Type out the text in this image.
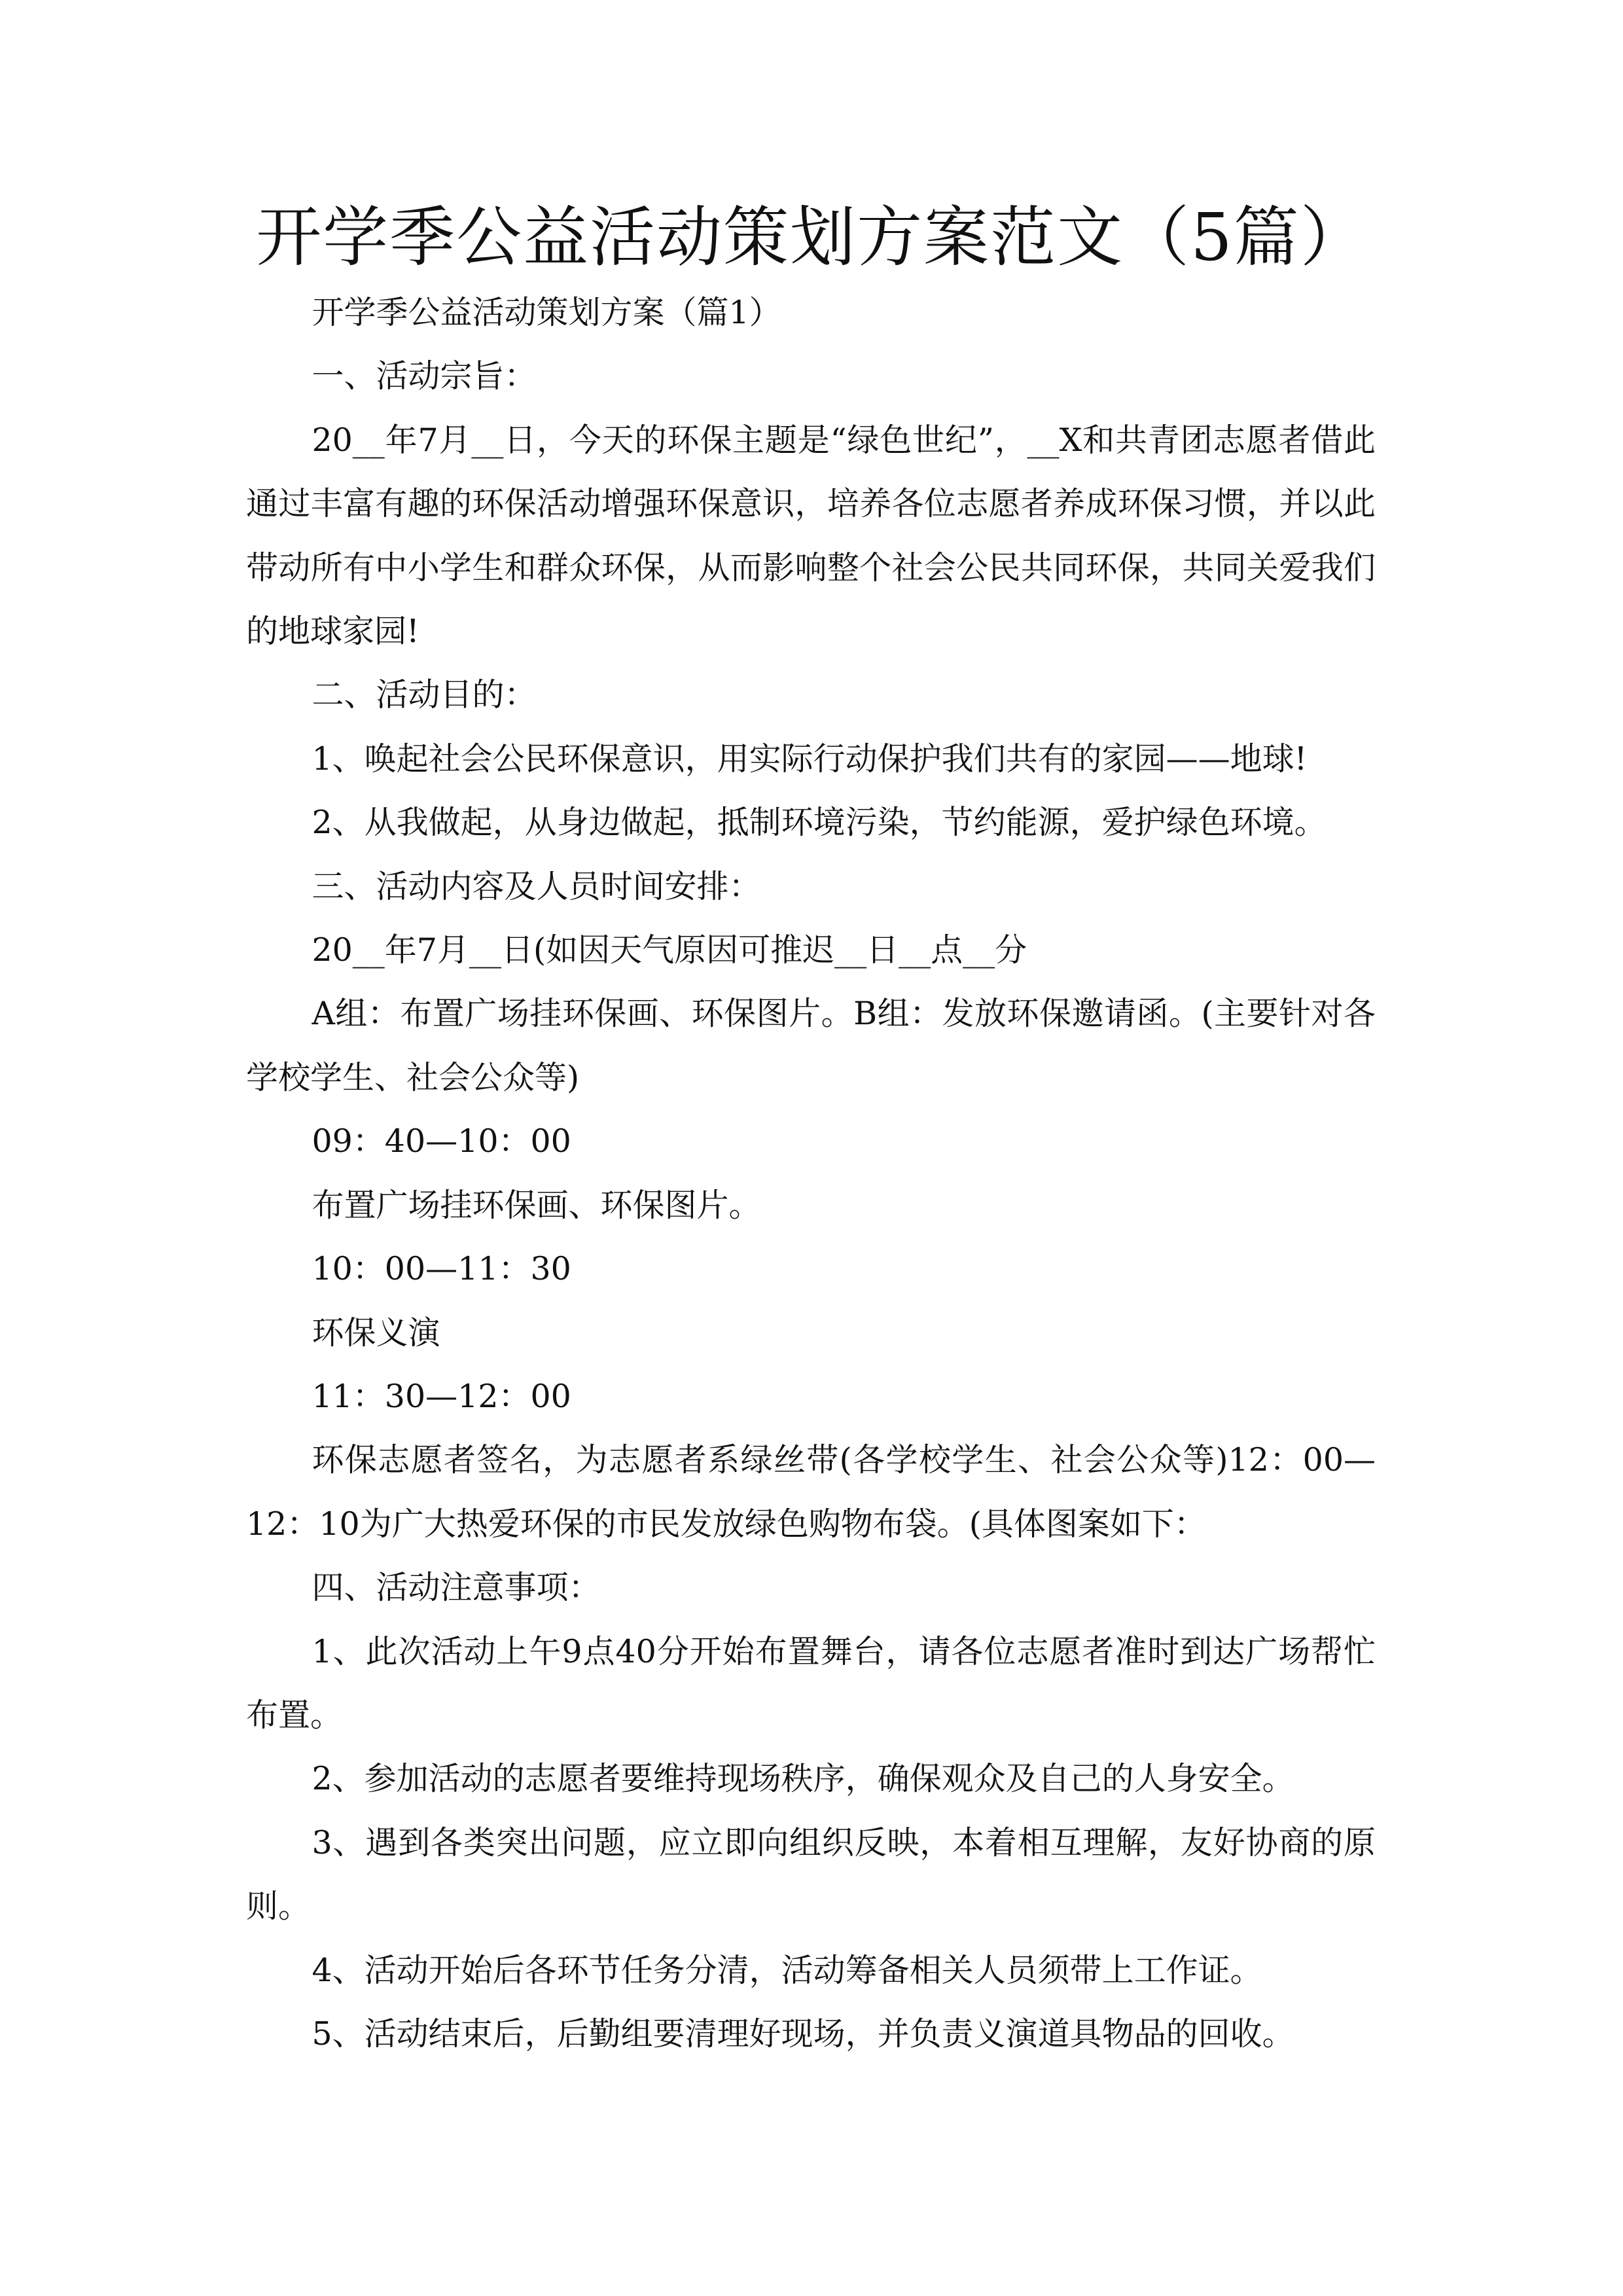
开学季公益活动策划方案范文（5篇）

开学季公益活动策划方案（篇1）

一、活动宗旨：

20__年7月__日，今天的环保主题是“绿色世纪”，__X和共青团志愿者借此通过丰富有趣的环保活动增强环保意识，培养各位志愿者养成环保习惯，并以此带动所有中小学生和群众环保，从而影响整个社会公民共同环保，共同关爱我们的地球家园!

二、活动目的：

1、唤起社会公民环保意识，用实际行动保护我们共有的家园——地球!

2、从我做起，从身边做起，抵制环境污染，节约能源，爱护绿色环境。

三、活动内容及人员时间安排：

20__年7月__日(如因天气原因可推迟__日__点__分

A组：布置广场挂环保画、环保图片。B组：发放环保邀请函。(主要针对各学校学生、社会公众等)

09：40—10：00

布置广场挂环保画、环保图片。

10：00—11：30

环保义演

11：30—12：00

环保志愿者签名，为志愿者系绿丝带(各学校学生、社会公众等)12：00—12：10为广大热爱环保的市民发放绿色购物布袋。(具体图案如下：

四、活动注意事项：

1、此次活动上午9点40分开始布置舞台，请各位志愿者准时到达广场帮忙布置。

2、参加活动的志愿者要维持现场秩序，确保观众及自己的人身安全。

3、遇到各类突出问题，应立即向组织反映，本着相互理解，友好协商的原则。

4、活动开始后各环节任务分清，活动筹备相关人员须带上工作证。

5、活动结束后，后勤组要清理好现场，并负责义演道具物品的回收。
